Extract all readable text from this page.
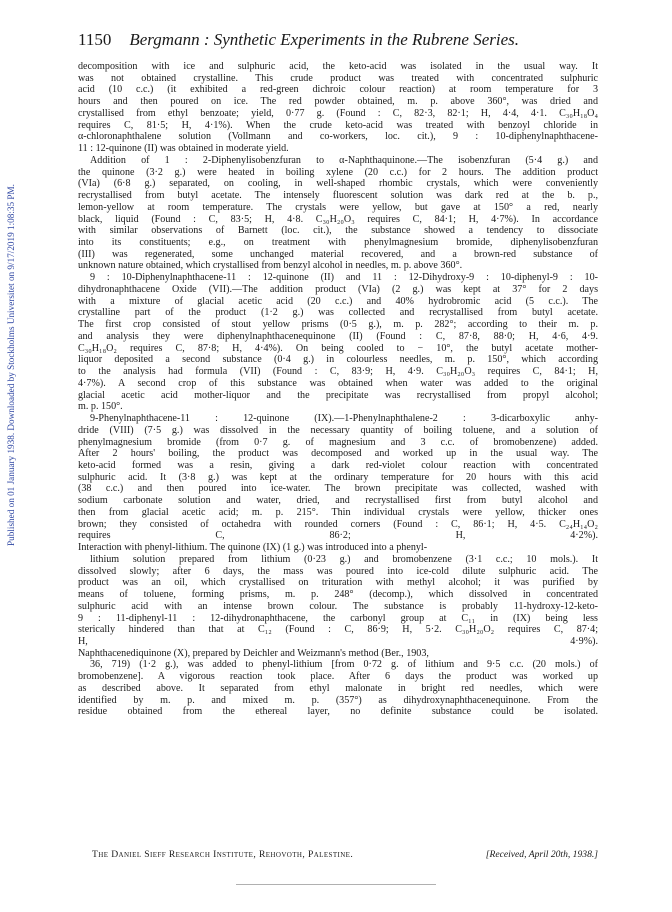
Published on 01 January 1938. Downloaded by Stockholms Universitet on 9/17/2019 1:08:35 PM.
1150 Bergmann : Synthetic Experiments in the Rubrene Series.
decomposition with ice and sulphuric acid, the keto-acid was isolated in the usual way. It
was not obtained crystalline. This crude product was treated with concentrated sulphuric
acid (10 c.c.) (it exhibited a red-green dichroic colour reaction) at room temperature for 3
hours and then poured on ice. The red powder obtained, m. p. above 360°, was dried and
crystallised from ethyl benzoate; yield, 0·77 g. (Found : C, 82·3, 82·1; H, 4·4, 4·1. C₃₀H₁₈O₄
requires C, 81·5; H, 4·1%). When the crude keto-acid was treated with benzoyl chloride in
α-chloronaphthalene solution (Vollmann and co-workers, loc. cit.), 9 : 10-diphenylnaphthacene-
11 : 12-quinone (II) was obtained in moderate yield.
Addition of 1 : 2-Diphenylisobenzfuran to α-Naphthaquinone.—The isobenzfuran (5·4 g.) and
the quinone (3·2 g.) were heated in boiling xylene (20 c.c.) for 2 hours. The addition product
(VIa) (6·8 g.) separated, on cooling, in well-shaped rhombic crystals, which were conveniently
recrystallised from butyl acetate. The intensely fluorescent solution was dark red at the b. p.,
lemon-yellow at room temperature. The crystals were yellow, but gave at 150° a red, nearly
black, liquid (Found : C, 83·5; H, 4·8. C₃₀H₂₀O₃ requires C, 84·1; H, 4·7%). In accordance
with similar observations of Barnett (loc. cit.), the substance showed a tendency to dissociate
into its constituents; e.g., on treatment with phenylmagnesium bromide, diphenylisobenzfuran
(III) was regenerated, some unchanged material recovered, and a brown-red substance of
unknown nature obtained, which crystallised from benzyl alcohol in needles, m. p. above 360°.
9 : 10-Diphenylnaphthacene-11 : 12-quinone (II) and 11 : 12-Dihydroxy-9 : 10-diphenyl-9 : 10-
dihydronaphthacene Oxide (VII).—The addition product (VIa) (2 g.) was kept at 37° for 2 days
with a mixture of glacial acetic acid (20 c.c.) and 40% hydrobromic acid (5 c.c.). The
crystalline part of the product (1·2 g.) was collected and recrystallised from butyl acetate.
The first crop consisted of stout yellow prisms (0·5 g.), m. p. 282°; according to their m. p.
and analysis they were diphenylnaphthacenequinone (II) (Found : C, 87·8, 88·0; H, 4·6, 4·9.
C₃₀H₁₈O₂ requires C, 87·8; H, 4·4%). On being cooled to − 10°, the butyl acetate mother-
liquor deposited a second substance (0·4 g.) in colourless needles, m. p. 150°, which according
to the analysis had formula (VII) (Found : C, 83·9; H, 4·9. C₃₀H₂₀O₃ requires C, 84·1; H,
4·7%). A second crop of this substance was obtained when water was added to the original
glacial acetic acid mother-liquor and the precipitate was recrystallised from propyl alcohol;
m. p. 150°.
9-Phenylnaphthacene-11 : 12-quinone (IX).—1-Phenylnaphthalene-2 : 3-dicarboxylic anhy-
dride (VIII) (7·5 g.) was dissolved in the necessary quantity of boiling toluene, and a solution of
phenylmagnesium bromide (from 0·7 g. of magnesium and 3 c.c. of bromobenzene) added.
After 2 hours' boiling, the product was decomposed and worked up in the usual way. The
keto-acid formed was a resin, giving a dark red-violet colour reaction with concentrated
sulphuric acid. It (3·8 g.) was kept at the ordinary temperature for 20 hours with this acid
(38 c.c.) and then poured into ice-water. The brown precipitate was collected, washed with
sodium carbonate solution and water, dried, and recrystallised first from butyl alcohol and
then from glacial acetic acid; m. p. 215°. Thin individual crystals were yellow, thicker ones
brown; they consisted of octahedra with rounded corners (Found : C, 86·1; H, 4·5. C₂₄H₁₄O₂
requires C, 86·2; H, 4·2%).
Interaction with phenyl-lithium. The quinone (IX) (1 g.) was introduced into a phenyl-
lithium solution prepared from lithium (0·23 g.) and bromobenzene (3·1 c.c.; 10 mols.). It
dissolved slowly; after 6 days, the mass was poured into ice-cold dilute sulphuric acid. The
product was an oil, which crystallised on trituration with methyl alcohol; it was purified by
means of toluene, forming prisms, m. p. 248° (decomp.), which dissolved in concentrated
sulphuric acid with an intense brown colour. The substance is probably 11-hydroxy-12-keto-
9 : 11-diphenyl-11 : 12-dihydronaphthacene, the carbonyl group at C₁₁ in (IX) being less
sterically hindered than that at C₁₂ (Found : C, 86·9; H, 5·2. C₃₀H₂₀O₂ requires C, 87·4;
H, 4·9%).
Naphthacenediquinone (X), prepared by Deichler and Weizmann's method (Ber., 1903,
36, 719) (1·2 g.), was added to phenyl-lithium [from 0·72 g. of lithium and 9·5 c.c. (20 mols.) of
bromobenzene]. A vigorous reaction took place. After 6 days the product was worked up
as described above. It separated from ethyl malonate in bright red needles, which were
identified by m. p. and mixed m. p. (357°) as dihydroxynaphthacenequinone. From the
residue obtained from the ethereal layer, no definite substance could be isolated.
The Daniel Sieff Research Institute, Rehovoth, Palestine.	[Received, April 20th, 1938.]
